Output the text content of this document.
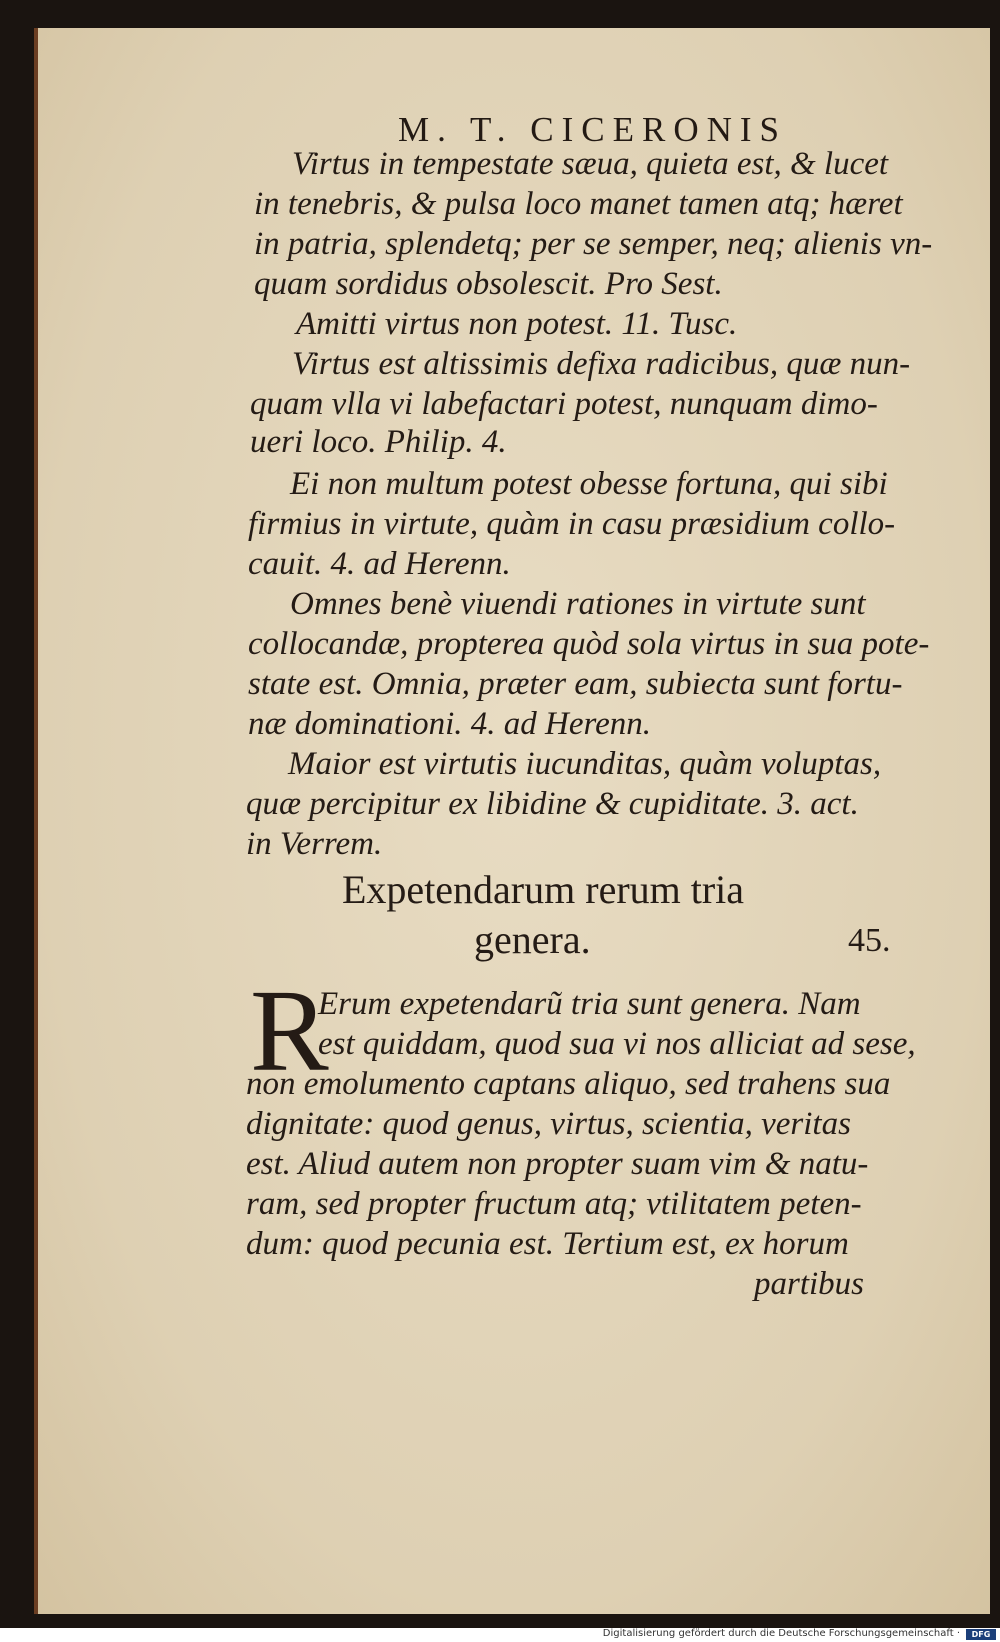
M. T. CICERONIS
Virtus in tempestate sæua, quieta est, & lucet
in tenebris, & pulsa loco manet tamen atq; hæret
in patria, splendetq; per se semper, neq; alienis vn-
quam sordidus obsolescit. Pro Sest.
Amitti virtus non potest. 11. Tusc.
Virtus est altissimis defixa radicibus, quæ nun-
quam vlla vi labefactari potest, nunquam dimo-
ueri loco. Philip. 4.
Ei non multum potest obesse fortuna, qui sibi
firmius in virtute, quàm in casu præsidium collo-
cauit. 4. ad Herenn.
Omnes benè viuendi rationes in virtute sunt
collocandæ, propterea quòd sola virtus in sua pote-
state est. Omnia, præter eam, subiecta sunt fortu-
næ dominationi. 4. ad Herenn.
Maior est virtutis iucunditas, quàm voluptas,
quæ percipitur ex libidine & cupiditate. 3. act.
in Verrem.
Expetendarum rerum tria
genera.	45.
R
Erum expetendarũ tria sunt genera. Nam
est quiddam, quod sua vi nos alliciat ad sese,
non emolumento captans aliquo, sed trahens sua
dignitate: quod genus, virtus, scientia, veritas
est. Aliud autem non propter suam vim & natu-
ram, sed propter fructum atq; vtilitatem peten-
dum: quod pecunia est. Tertium est, ex horum
partibus
Digitalisierung gefördert durch die Deutsche Forschungsgemeinschaft ·	DFG
